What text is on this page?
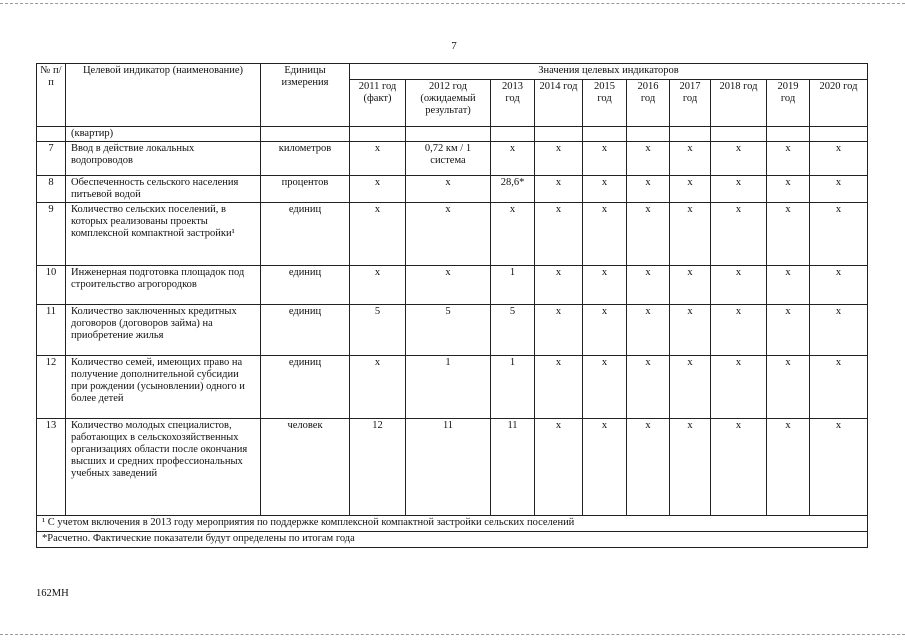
7
№ п/п	Целевой индикатор (наименование)	Единицы измерения	Значения целевых индикаторов									
			2011 год (факт)	2012 год (ожидаемый результат)	2013 год	2014 год	2015 год	2016 год	2017 год	2018 год	2019 год	2020 год
	(квартир)											
7	Ввод в действие локальных водопроводов	километров	х	0,72 км / 1 система	х	х	х	х	х	х	х	х
8	Обеспеченность сельского населения питьевой водой	процентов	х	х	28,6*	х	х	х	х	х	х	х
9	Количество сельских поселений, в которых реализованы проекты комплексной компактной застройки¹	единиц	х	х	х	х	х	х	х	х	х	х
10	Инженерная подготовка площадок под строительство агрогородков	единиц	х	х	1	х	х	х	х	х	х	х
11	Количество заключенных кредитных договоров (договоров займа) на приобретение жилья	единиц	5	5	5	х	х	х	х	х	х	х
12	Количество семей, имеющих право на получение дополнительной субсидии при рождении (усыновлении) одного и более детей	единиц	х	1	1	х	х	х	х	х	х	х
13	Количество молодых специалистов, работающих в сельскохозяйственных организациях области после окончания высших и средних профессиональных учебных заведений	человек	12	11	11	х	х	х	х	х	х	х
¹ С учетом включения в 2013 году мероприятия по поддержке комплексной компактной застройки сельских поселений												
*Расчетно. Фактические показатели будут определены по итогам года												
162МН
